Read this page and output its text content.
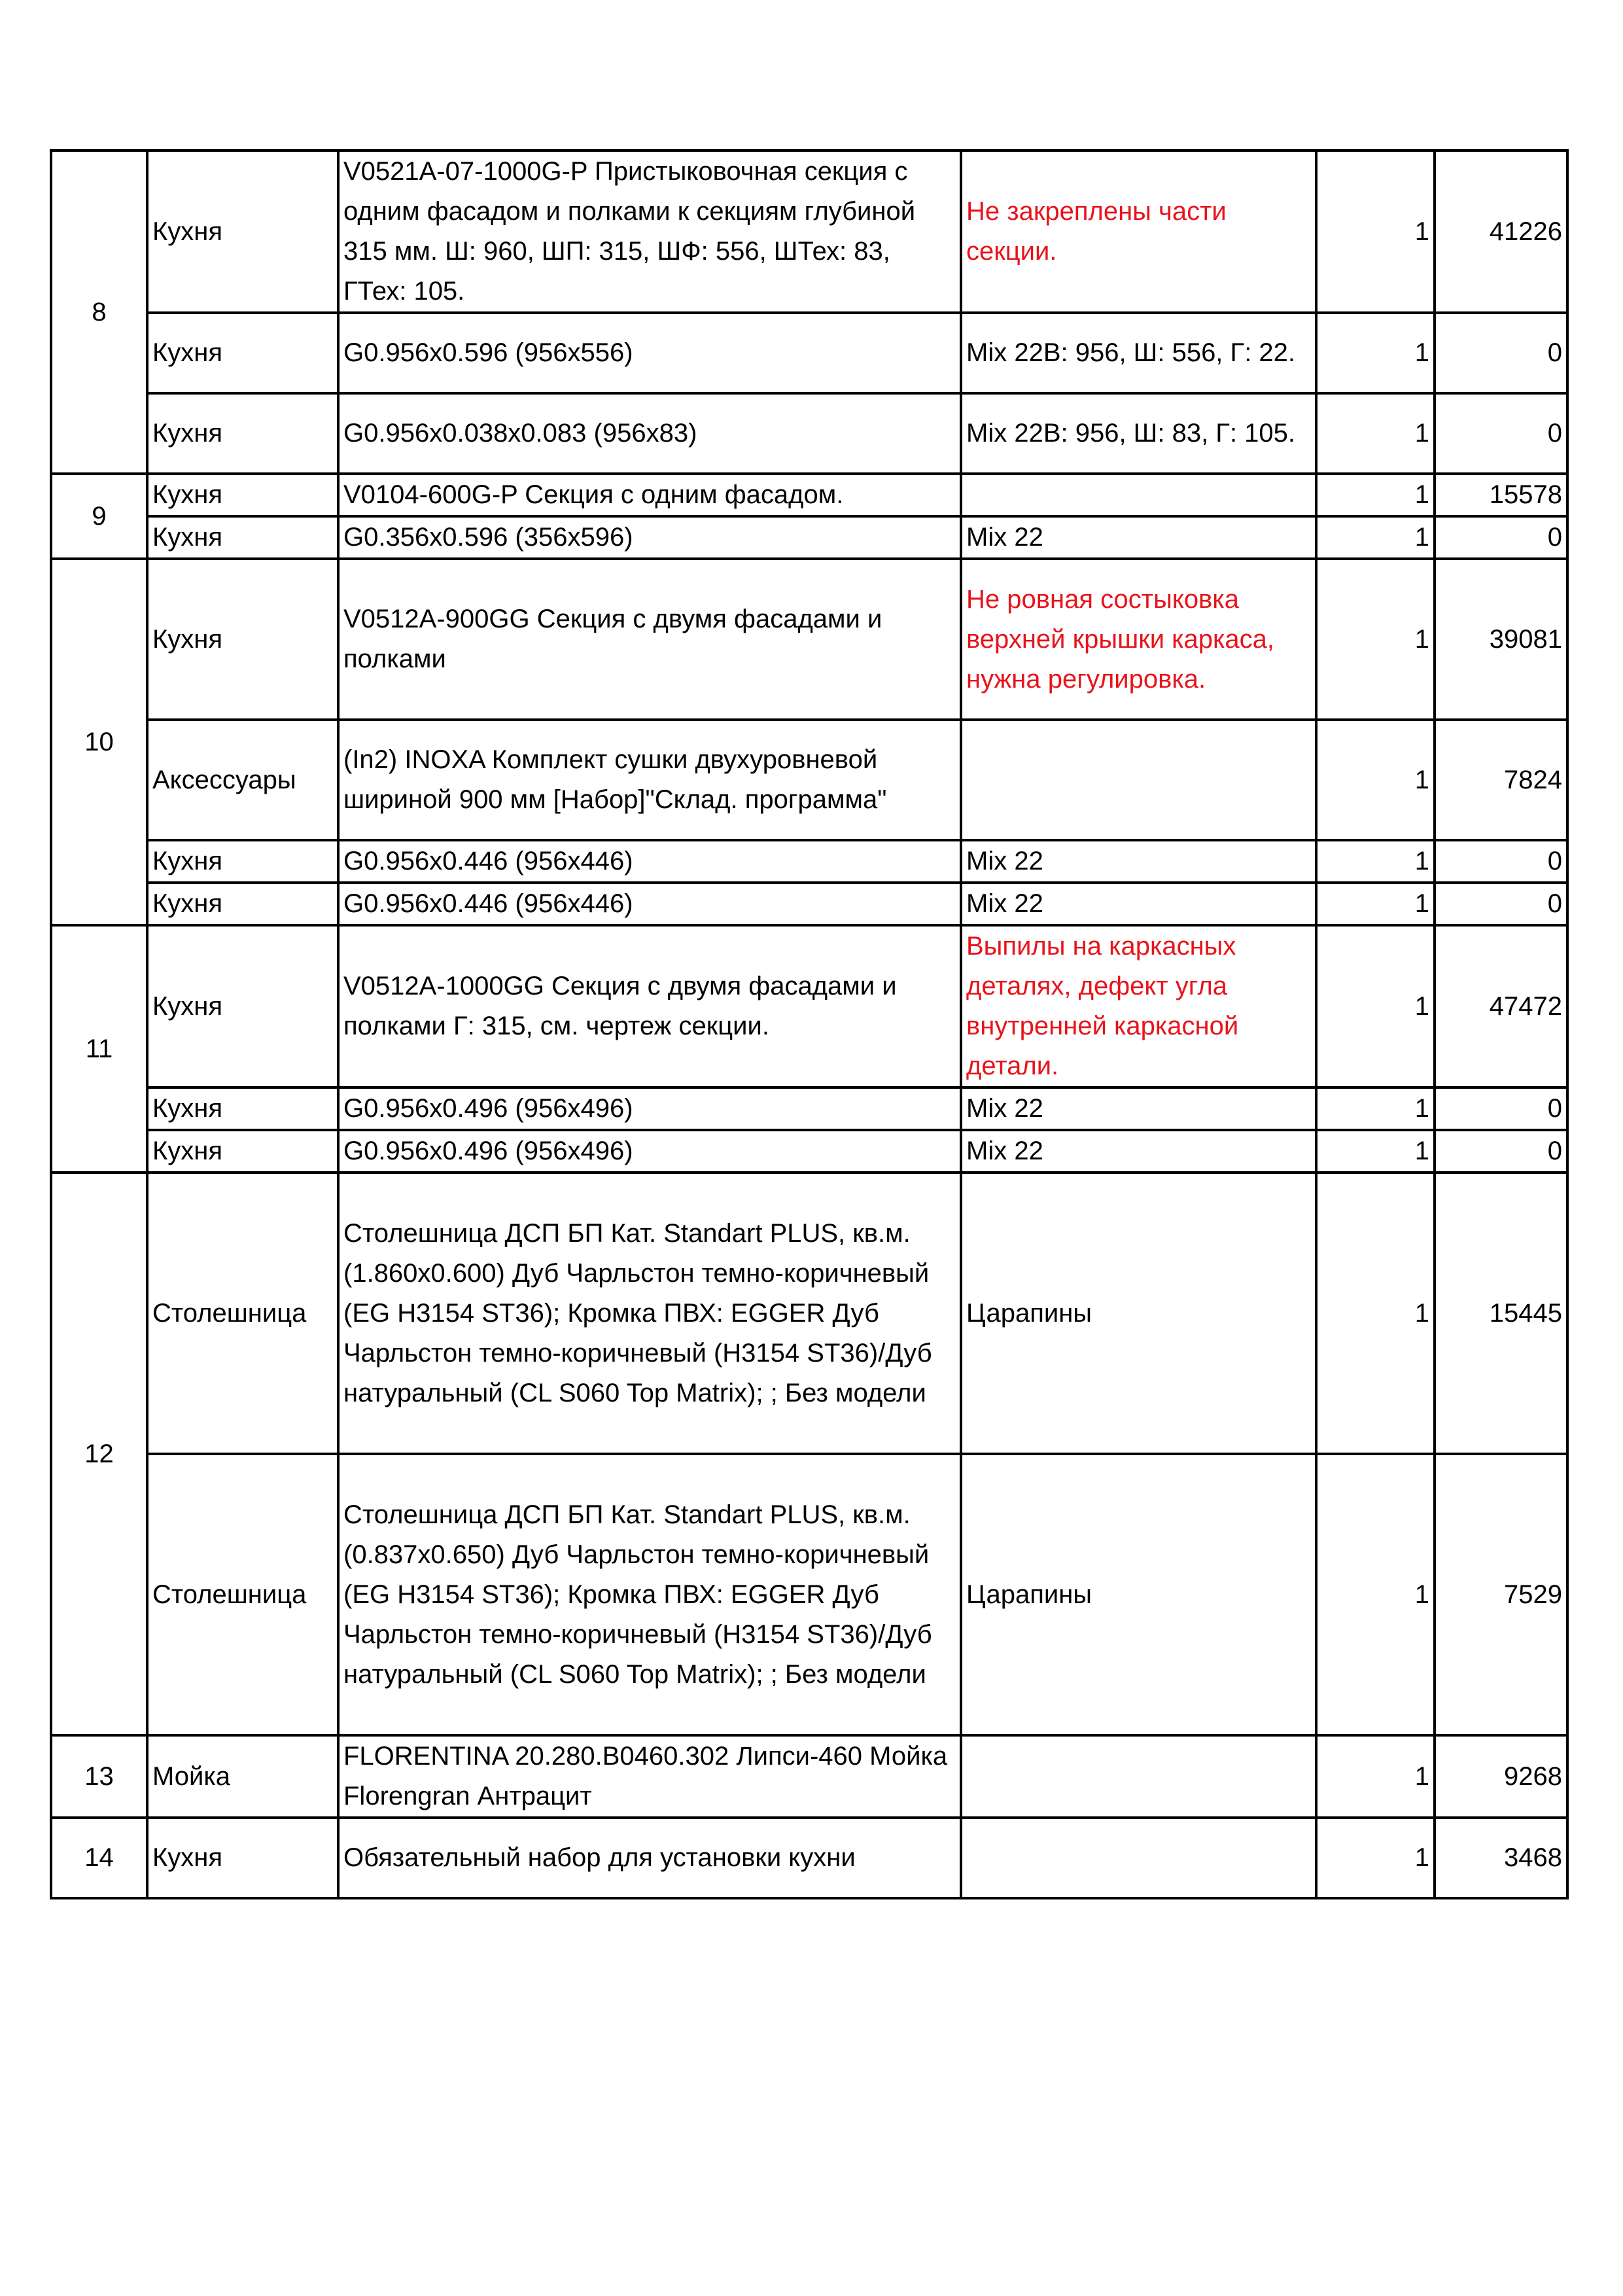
8	Кухня	V0521A-07-1000G-P Пристыковочная секция с одним фасадом и полками к секциям глубиной 315 мм. Ш: 960, ШП: 315, ШФ: 556, ШТех: 83, ГТех: 105.	Не закреплены части секции.	1	41226
	Кухня	G0.956x0.596 (956x556)	Mix 22B: 956, Ш: 556, Г: 22.	1	0
	Кухня	G0.956x0.038x0.083 (956x83)	Mix 22B: 956, Ш: 83, Г: 105.	1	0
9	Кухня	V0104-600G-P Секция с одним фасадом.		1	15578
	Кухня	G0.356x0.596 (356x596)	Mix 22	1	0
10	Кухня	V0512A-900GG Секция с двумя фасадами и полками	Не ровная состыковка верхней крышки каркаса, нужна регулировка.	1	39081
	Аксессуары	(In2) INOXA Комплект сушки двухуровневой шириной 900 мм [Набор]"Склад. программа"		1	7824
	Кухня	G0.956x0.446 (956x446)	Mix 22	1	0
	Кухня	G0.956x0.446 (956x446)	Mix 22	1	0
11	Кухня	V0512A-1000GG Секция с двумя фасадами и полками Г: 315, см. чертеж секции.	Выпилы на каркасных деталях, дефект угла внутренней каркасной детали.	1	47472
	Кухня	G0.956x0.496 (956x496)	Mix 22	1	0
	Кухня	G0.956x0.496 (956x496)	Mix 22	1	0
12	Столешница	Столешница ДСП БП Кат. Standart PLUS, кв.м. (1.860x0.600) Дуб Чарльстон темно-коричневый (EG H3154 ST36); Кромка ПВХ: EGGER Дуб Чарльстон темно-коричневый (H3154 ST36)/Дуб натуральный (CL S060 Top Matrix); ; Без модели	Царапины	1	15445
	Столешница	Столешница ДСП БП Кат. Standart PLUS, кв.м. (0.837x0.650) Дуб Чарльстон темно-коричневый (EG H3154 ST36); Кромка ПВХ: EGGER Дуб Чарльстон темно-коричневый (H3154 ST36)/Дуб натуральный (CL S060 Top Matrix); ; Без модели	Царапины	1	7529
13	Мойка	FLORENTINA 20.280.B0460.302 Липси-460 Мойка Florengran Антрацит		1	9268
14	Кухня	Обязательный набор для установки кухни		1	3468
